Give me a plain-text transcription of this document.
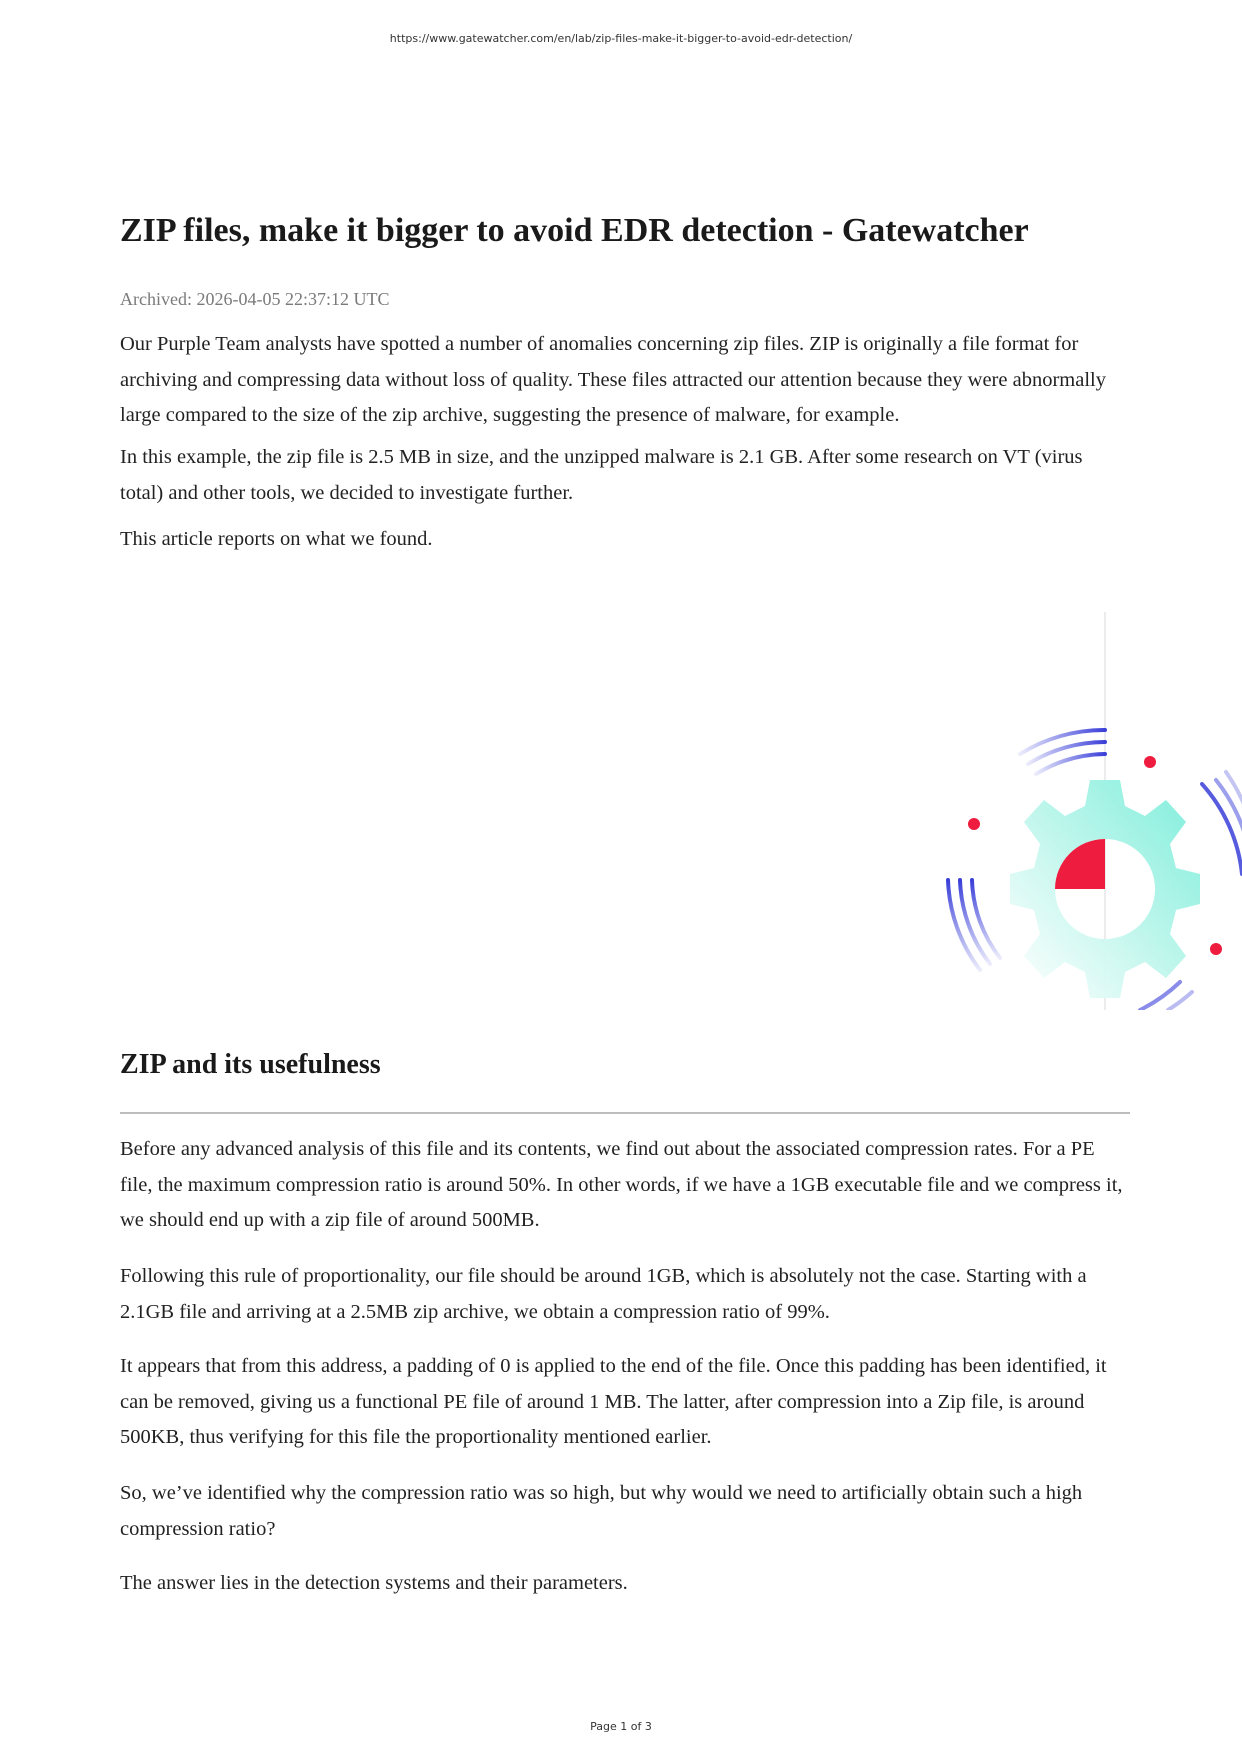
https://www.gatewatcher.com/en/lab/zip-files-make-it-bigger-to-avoid-edr-detection/
ZIP files, make it bigger to avoid EDR detection - Gatewatcher
Archived: 2026-04-05 22:37:12 UTC

Our Purple Team analysts have spotted a number of anomalies concerning zip files. ZIP is originally a file format for archiving and compressing data without loss of quality. These files attracted our attention because they were abnormally large compared to the size of the zip archive, suggesting the presence of malware, for example.

In this example, the zip file is 2.5 MB in size, and the unzipped malware is 2.1 GB. After some research on VT (virus total) and other tools, we decided to investigate further.

This article reports on what we found.

ZIP and its usefulness

Before any advanced analysis of this file and its contents, we find out about the associated compression rates. For a PE file, the maximum compression ratio is around 50%. In other words, if we have a 1GB executable file and we compress it, we should end up with a zip file of around 500MB.

Following this rule of proportionality, our file should be around 1GB, which is absolutely not the case. Starting with a 2.1GB file and arriving at a 2.5MB zip archive, we obtain a compression ratio of 99%.

It appears that from this address, a padding of 0 is applied to the end of the file. Once this padding has been identified, it can be removed, giving us a functional PE file of around 1 MB. The latter, after compression into a Zip file, is around 500KB, thus verifying for this file the proportionality mentioned earlier.

So, we’ve identified why the compression ratio was so high, but why would we need to artificially obtain such a high compression ratio?

The answer lies in the detection systems and their parameters.

Page 1 of 3
